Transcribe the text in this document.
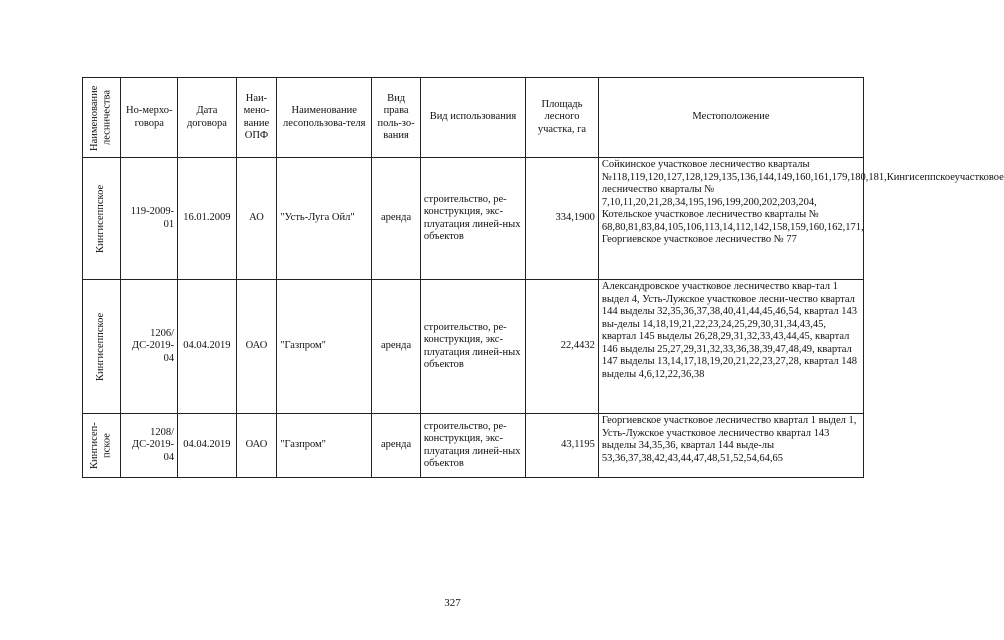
Наименование лесничества	Но-мерхо-говора	Дата договора	Наи-мено-вание ОПФ	Наименование лесопользова-теля	Вид права поль-зо-вания	Вид использования	Площадь лесного участка, га	Местоположение

Кингисеппское	119-2009-01	16.01.2009	АО	"Усть-Луга Ойл"	аренда	строительство, ре-конструкция, экс-плуатация линей-ных объектов	334,1900	Сойкинское участковое лесничество кварталы №118,119,120,127,128,129,135,136,144,149,160,161,179,180,181,Кингисеппскоеучастковое лесничество кварталы № 7,10,11,20,21,28,34,195,196,199,200,202,203,204, Котельское участковое лесничество кварталы № 68,80,81,83,84,105,106,113,14,112,142,158,159,160,162,171, Георгиевское участковое лесничество № 77

Кингисеппское	1206/ДС-2019-04	04.04.2019	ОАО	"Газпром"	аренда	строительство, ре-конструкция, экс-плуатация линей-ных объектов	22,4432	Александровское участковое лесничество квар-тал 1 выдел 4, Усть-Лужское участковое лесни-чество квартал 144 выделы 32,35,36,37,38,40,41,44,45,46,54, квартал 143 вы-делы 14,18,19,21,22,23,24,25,29,30,31,34,43,45, квартал 145 выделы 26,28,29,31,32,33,43,44,45, квартал 146 выделы 25,27,29,31,32,33,36,38,39,47,48,49, квартал 147 выделы 13,14,17,18,19,20,21,22,23,27,28, квартал 148 выделы 4,6,12,22,36,38

Кингисеп-пское	1208/ДС-2019-04	04.04.2019	ОАО	"Газпром"	аренда	строительство, ре-конструкция, экс-плуатация линей-ных объектов	43,1195	Георгиевское участковое лесничество квартал 1 выдел 1, Усть-Лужское участковое лесничество квартал 143 выделы 34,35,36, квартал 144 выде-лы 53,36,37,38,42,43,44,47,48,51,52,54,64,65
327
